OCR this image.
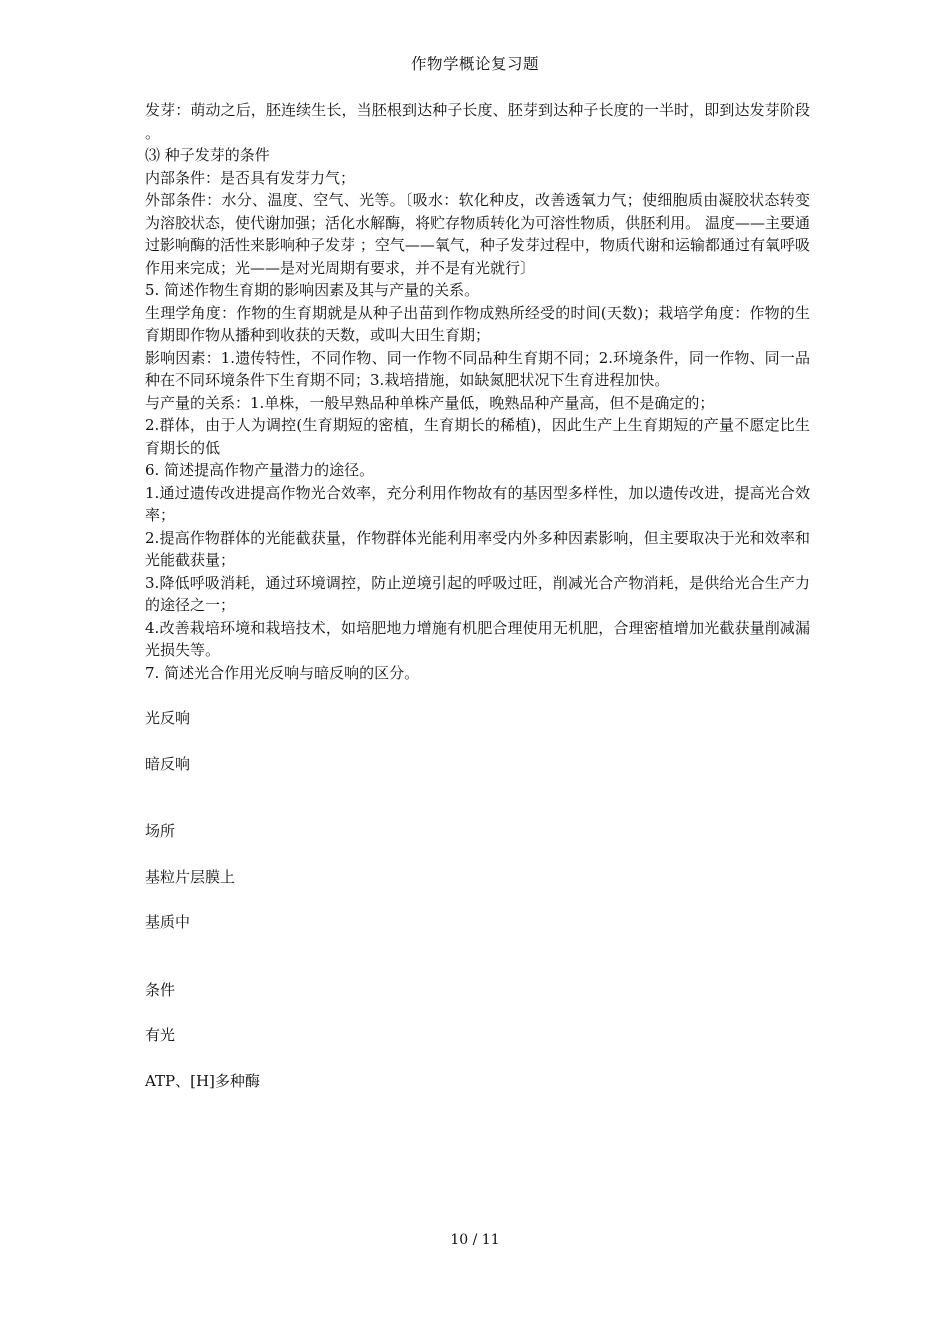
作物学概论复习题

发芽：萌动之后，胚连续生长，当胚根到达种子长度、胚芽到达种子长度的一半时，即到达发芽阶段 。

⑶ 种子发芽的条件

内部条件：是否具有发芽力气；

外部条件：水分、温度、空气、光等。〔吸水：软化种皮，改善透氧力气；使细胞质由凝胶状态转变为溶胶状态，使代谢加强；活化水解酶，将贮存物质转化为可溶性物质，供胚利用。 温度——主要通过影响酶的活性来影响种子发芽 ；空气——氧气，种子发芽过程中，物质代谢和运输都通过有氧呼吸作用来完成；光——是对光周期有要求，并不是有光就行〕

5. 简述作物生育期的影响因素及其与产量的关系。

生理学角度：作物的生育期就是从种子出苗到作物成熟所经受的时间(天数)；栽培学角度：作物的生育期即作物从播种到收获的天数，或叫大田生育期；

影响因素：1.遗传特性，不同作物、同一作物不同品种生育期不同；2.环境条件，同一作物、同一品种在不同环境条件下生育期不同；3.栽培措施，如缺氮肥状况下生育进程加快。

与产量的关系：1.单株，一般早熟品种单株产量低，晚熟品种产量高，但不是确定的；

2.群体，由于人为调控(生育期短的密植，生育期长的稀植)，因此生产上生育期短的产量不愿定比生育期长的低

6. 简述提高作物产量潜力的途径。

1.通过遗传改进提高作物光合效率，充分利用作物故有的基因型多样性，加以遗传改进，提高光合效率；

2.提高作物群体的光能截获量，作物群体光能利用率受内外多种因素影响，但主要取决于光和效率和光能截获量；

3.降低呼吸消耗，通过环境调控，防止逆境引起的呼吸过旺，削减光合产物消耗，是供给光合生产力的途径之一；

4.改善栽培环境和栽培技术，如培肥地力增施有机肥合理使用无机肥，合理密植增加光截获量削减漏光损失等。

7. 简述光合作用光反响与暗反响的区分。

光反响

暗反响

场所

基粒片层膜上

基质中

条件

有光

ATP、[H]多种酶

10 / 11
